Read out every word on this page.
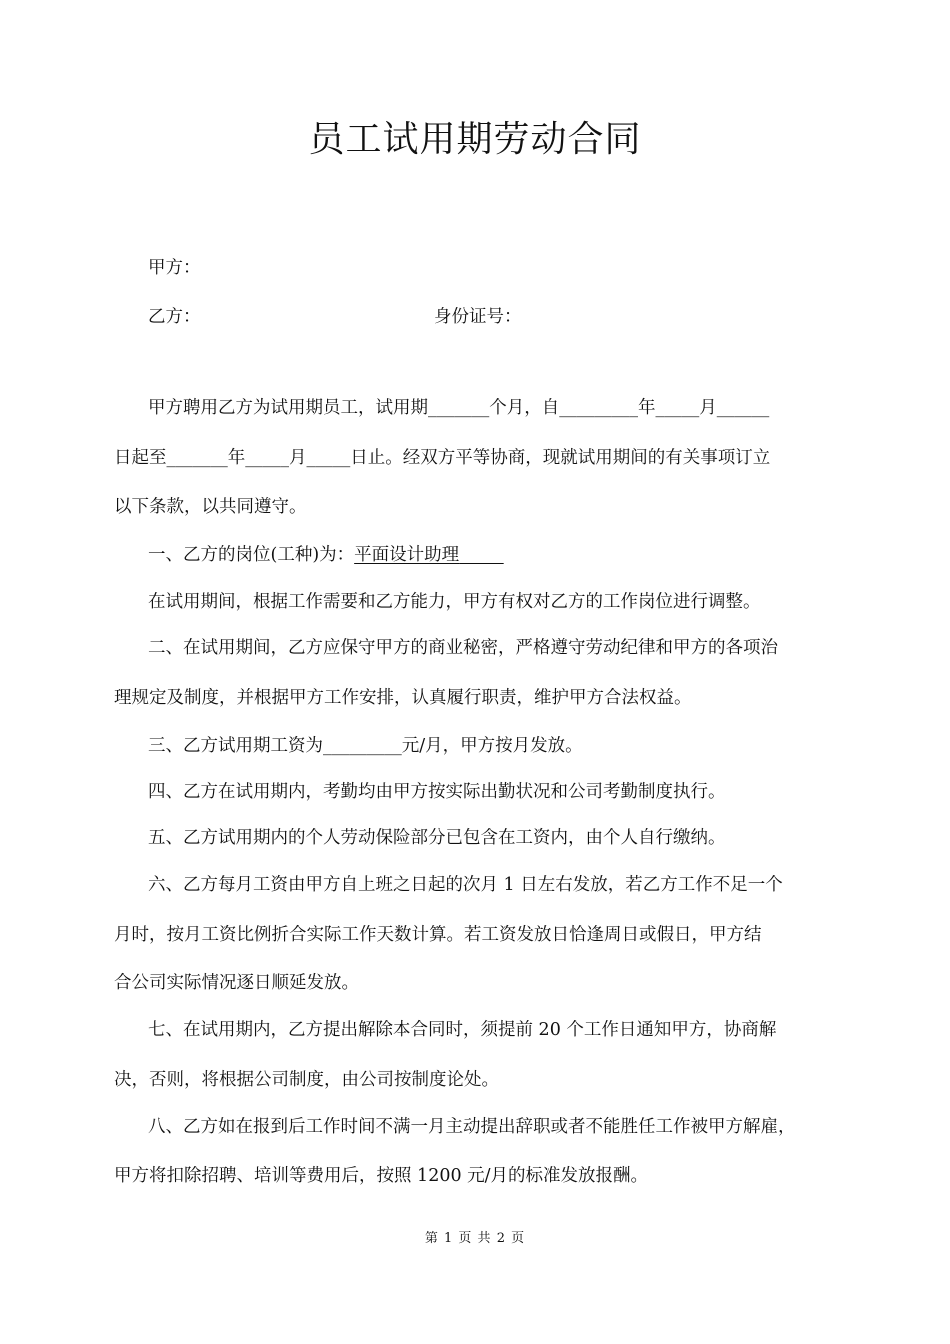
员工试用期劳动合同
甲方：
乙方：	身份证号：
甲方聘用乙方为试用期员工，试用期_______个月，自_________年_____月______
日起至_______年_____月_____日止。经双方平等协商，现就试用期间的有关事项订立
以下条款，以共同遵守。
一、乙方的岗位(工种)为：平面设计助理
在试用期间，根据工作需要和乙方能力，甲方有权对乙方的工作岗位进行调整。
二、在试用期间，乙方应保守甲方的商业秘密，严格遵守劳动纪律和甲方的各项治
理规定及制度，并根据甲方工作安排，认真履行职责，维护甲方合法权益。
三、乙方试用期工资为_________元/月，甲方按月发放。
四、乙方在试用期内，考勤均由甲方按实际出勤状况和公司考勤制度执行。
五、乙方试用期内的个人劳动保险部分已包含在工资内，由个人自行缴纳。
六、乙方每月工资由甲方自上班之日起的次月 1 日左右发放，若乙方工作不足一个
月时，按月工资比例折合实际工作天数计算。若工资发放日恰逢周日或假日，甲方结
合公司实际情况逐日顺延发放。
七、在试用期内，乙方提出解除本合同时，须提前 20 个工作日通知甲方，协商解
决，否则，将根据公司制度，由公司按制度论处。
八、乙方如在报到后工作时间不满一月主动提出辞职或者不能胜任工作被甲方解雇，
甲方将扣除招聘、培训等费用后，按照 1200 元/月的标准发放报酬。
第 1 页 共 2 页
